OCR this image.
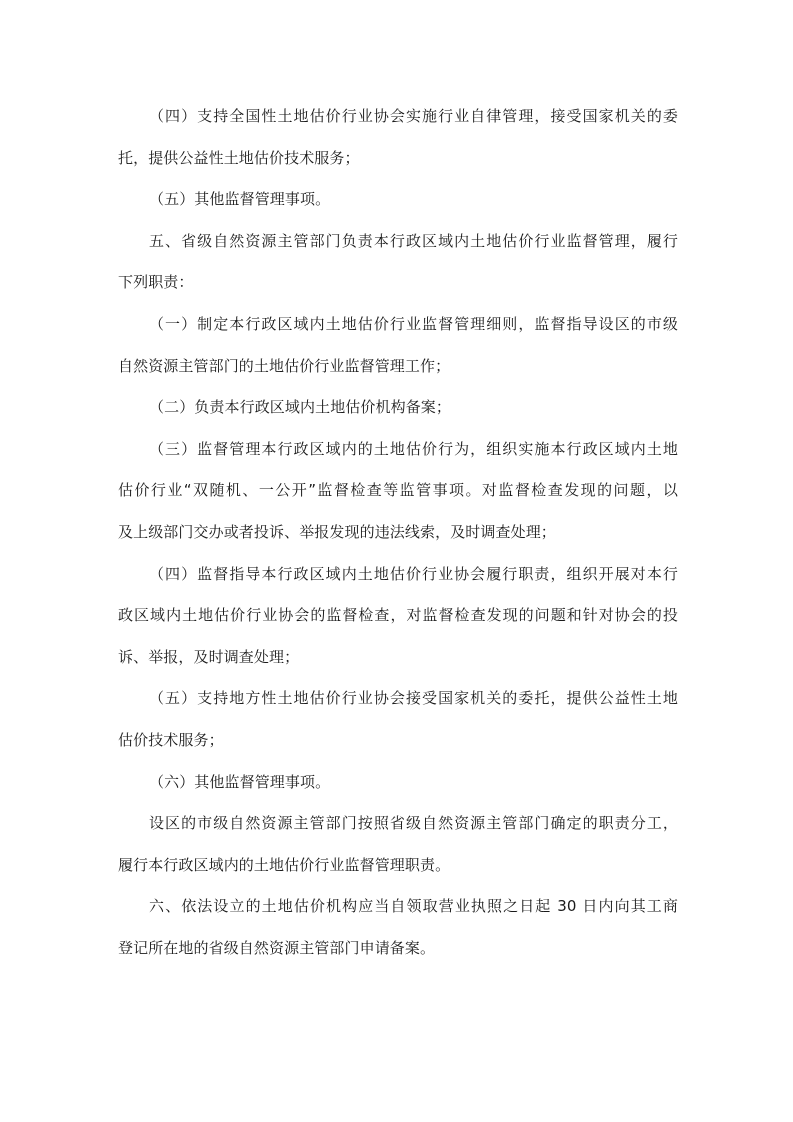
（四）支持全国性土地估价行业协会实施行业自律管理，接受国家机关的委
托，提供公益性土地估价技术服务；
（五）其他监督管理事项。
五、省级自然资源主管部门负责本行政区域内土地估价行业监督管理，履行
下列职责：
（一）制定本行政区域内土地估价行业监督管理细则，监督指导设区的市级
自然资源主管部门的土地估价行业监督管理工作；
（二）负责本行政区域内土地估价机构备案；
（三）监督管理本行政区域内的土地估价行为，组织实施本行政区域内土地
估价行业“双随机、一公开”监督检查等监管事项。对监督检查发现的问题，以
及上级部门交办或者投诉、举报发现的违法线索，及时调查处理；
（四）监督指导本行政区域内土地估价行业协会履行职责，组织开展对本行
政区域内土地估价行业协会的监督检查，对监督检查发现的问题和针对协会的投
诉、举报，及时调查处理；
（五）支持地方性土地估价行业协会接受国家机关的委托，提供公益性土地
估价技术服务；
（六）其他监督管理事项。
设区的市级自然资源主管部门按照省级自然资源主管部门确定的职责分工，
履行本行政区域内的土地估价行业监督管理职责。
六、依法设立的土地估价机构应当自领取营业执照之日起 30 日内向其工商
登记所在地的省级自然资源主管部门申请备案。
